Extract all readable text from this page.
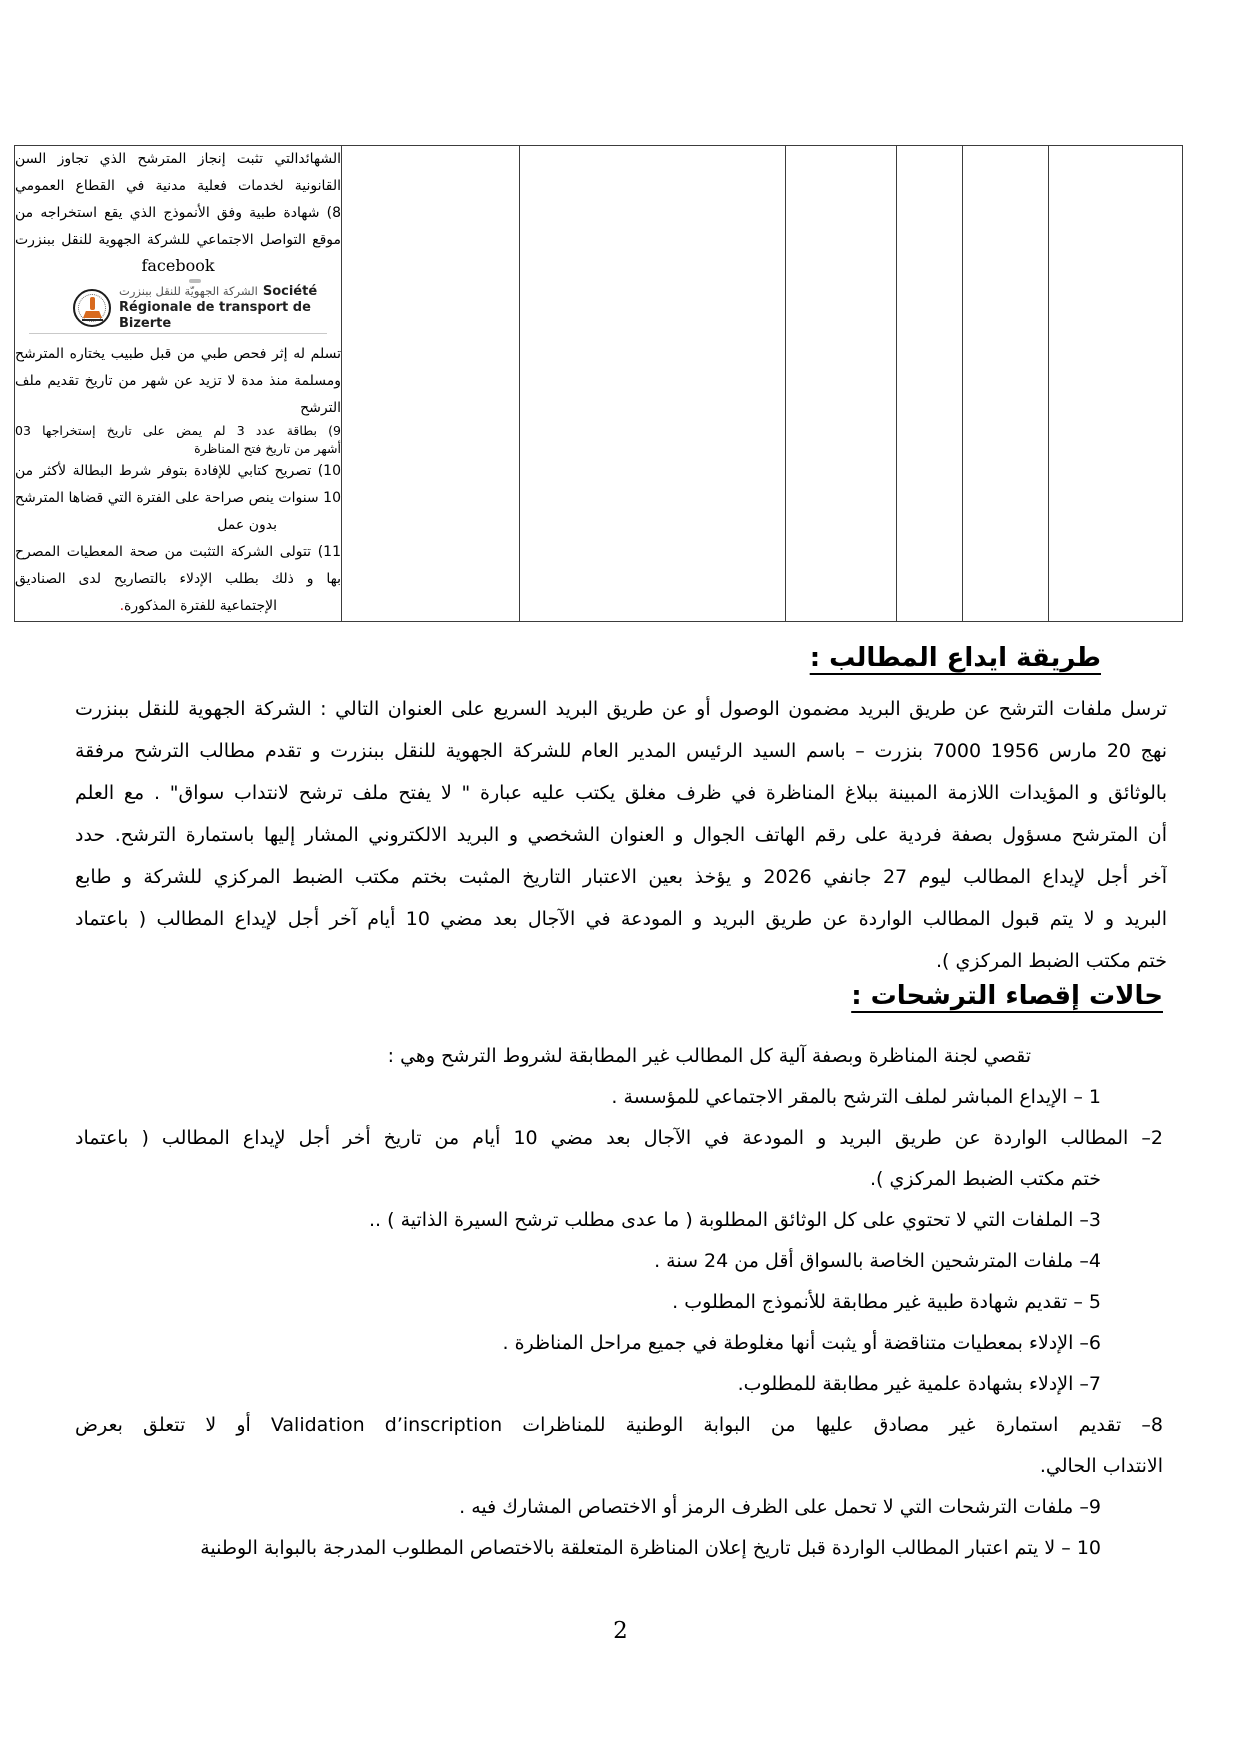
الشهائدالتي تثبت إنجاز المترشح الذي تجاوز السن
القانونية لخدمات فعلية مدنية في القطاع العمومي
8) شهادة طبية وفق الأنموذج الذي يقع استخراجه من
موقع التواصل الاجتماعي للشركة الجهوية للنقل ببنزرت
facebook
الشركة الجهويّة للنقل ببنزرت Société
Régionale de transport de Bizerte
تسلم له إثر فحص طبي من قبل طبيب يختاره المترشح
ومسلمة منذ مدة لا تزيد عن شهر من تاريخ تقديم ملف
الترشح
9) بطاقة عدد 3 لم يمض على تاريخ إستخراجها 03
أشهر من تاريخ فتح المناظرة
10) تصريح كتابي للإفادة بتوفر شرط البطالة لأكثر من
10 سنوات ينص صراحة على الفترة التي قضاها المترشح
بدون عمل
11) تتولى الشركة التثبت من صحة المعطيات المصرح
بها و ذلك بطلب الإدلاء بالتصاريح لدى الصناديق
الإجتماعية للفترة المذكورة.
طريقة ايداع المطالب :
ترسل ملفات الترشح عن طريق البريد مضمون الوصول أو عن طريق البريد السريع على العنوان التالي : الشركة الجهوية للنقل ببنزرت
نهج 20 مارس 1956‏ 7000 بنزرت – باسم السيد الرئيس المدير العام للشركة الجهوية للنقل ببنزرت و تقدم مطالب الترشح مرفقة
بالوثائق و المؤيدات اللازمة المبينة ببلاغ المناظرة في ظرف مغلق يكتب عليه عبارة " لا يفتح ملف ترشح لانتداب سواق" . مع العلم
أن المترشح مسؤول بصفة فردية على رقم الهاتف الجوال و العنوان الشخصي و البريد الالكتروني المشار إليها باستمارة الترشح. حدد
آخر أجل لإيداع المطالب ليوم 27 جانفي 2026 و يؤخذ بعين الاعتبار التاريخ المثبت بختم مكتب الضبط المركزي للشركة و طابع
البريد و لا يتم قبول المطالب الواردة عن طريق البريد و المودعة في الآجال بعد مضي 10 أيام آخر أجل لإيداع المطالب ( باعتماد
ختم مكتب الضبط المركزي ).
حالات إقصاء الترشحات :
تقصي لجنة المناظرة وبصفة آلية كل المطالب غير المطابقة لشروط الترشح وهي :
1 – الإيداع المباشر لملف الترشح بالمقر الاجتماعي للمؤسسة .
2– المطالب الواردة عن طريق البريد و المودعة في الآجال بعد مضي 10 أيام من تاريخ أخر أجل لإيداع المطالب ( باعتماد
ختم مكتب الضبط المركزي ).
3– الملفات التي لا تحتوي على كل الوثائق المطلوبة ( ما عدى مطلب ترشح السيرة الذاتية ) ..
4– ملفات المترشحين الخاصة بالسواق أقل من 24 سنة .
5 – تقديم شهادة طبية غير مطابقة للأنموذج المطلوب .
6– الإدلاء بمعطيات متناقضة أو يثبت أنها مغلوطة في جميع مراحل المناظرة .
7– الإدلاء بشهادة علمية غير مطابقة للمطلوب.
8– تقديم استمارة غير مصادق عليها من البوابة الوطنية للمناظرات Validation d’inscription أو لا تتعلق بعرض
الانتداب الحالي.
9– ملفات الترشحات التي لا تحمل على الظرف الرمز أو الاختصاص المشارك فيه .
10 – لا يتم اعتبار المطالب الواردة قبل تاريخ إعلان المناظرة المتعلقة بالاختصاص المطلوب المدرجة بالبوابة الوطنية
2
